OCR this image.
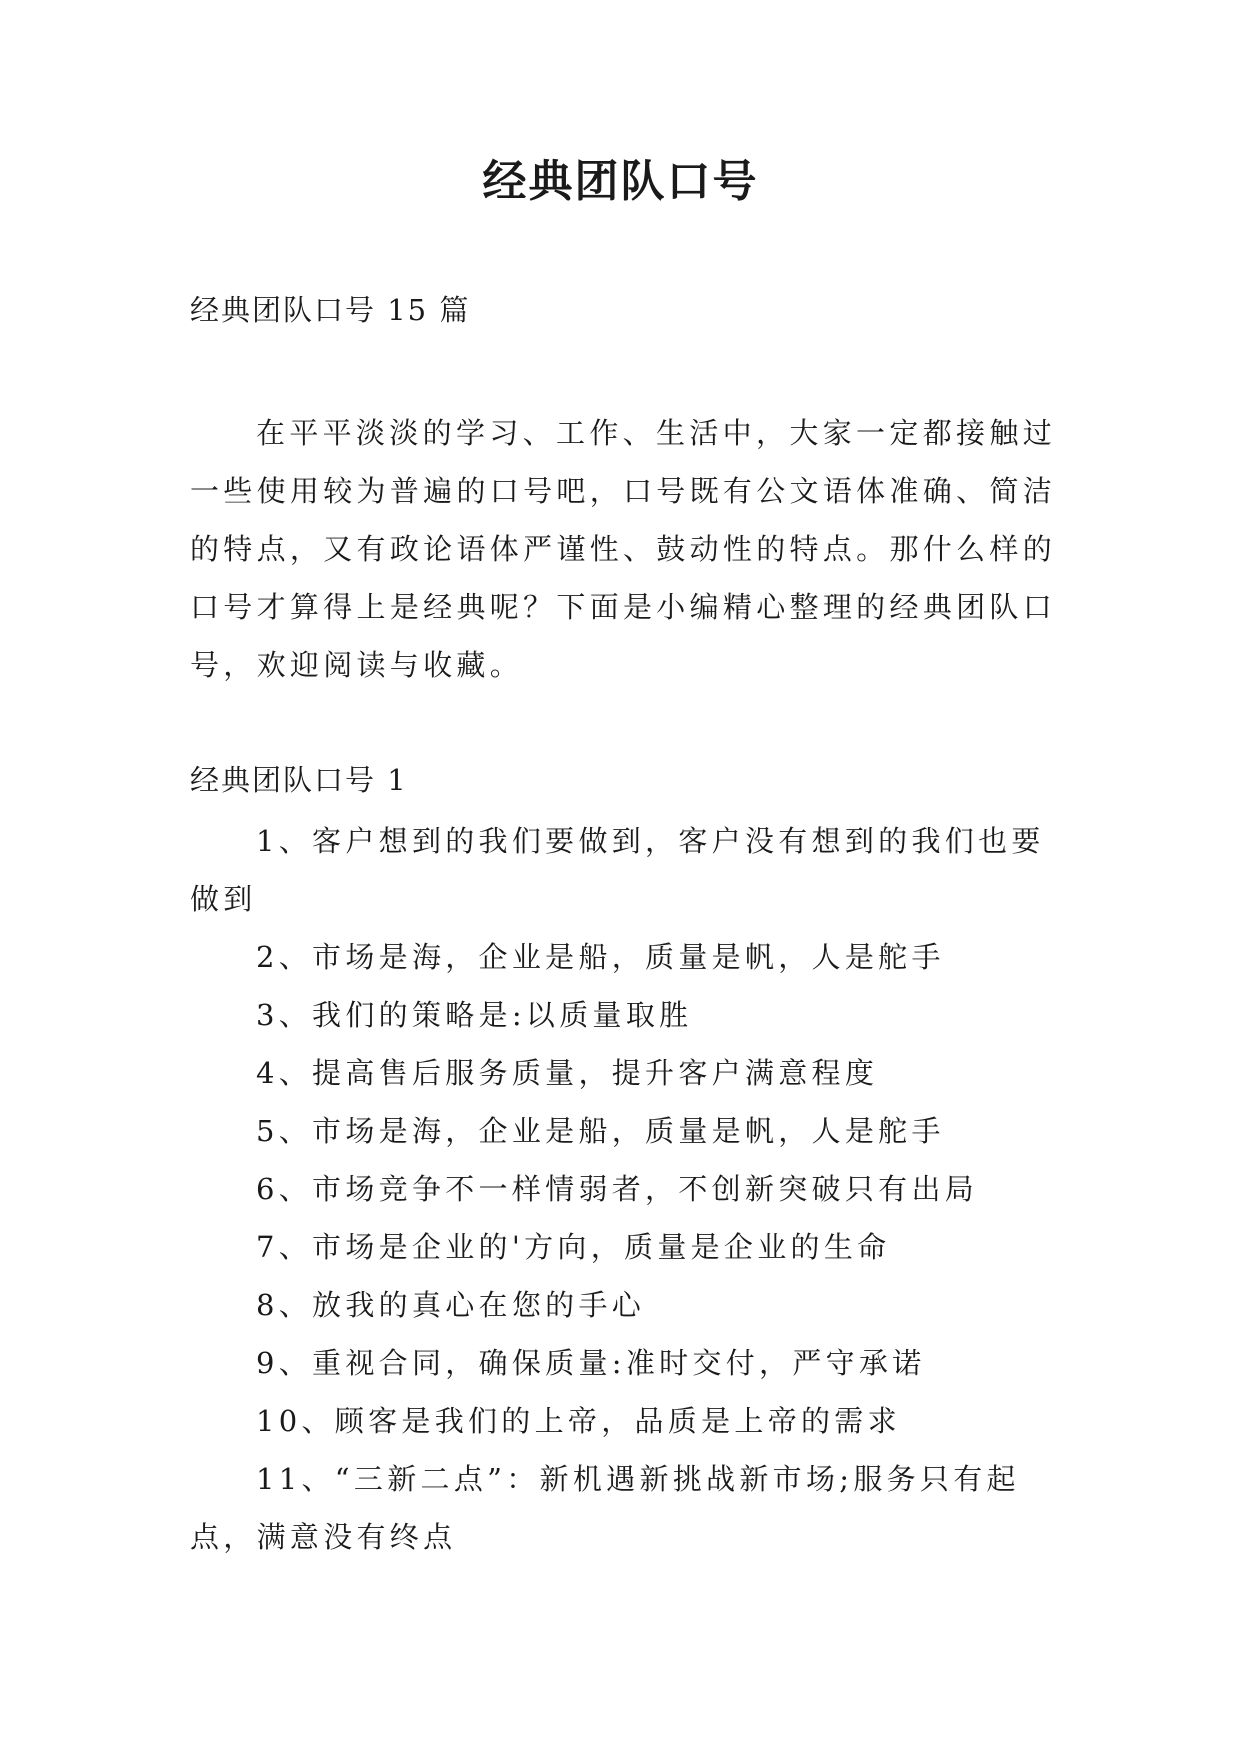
经典团队口号

经典团队口号 15 篇

在平平淡淡的学习、工作、生活中，大家一定都接触过一些使用较为普遍的口号吧，口号既有公文语体准确、简洁的特点，又有政论语体严谨性、鼓动性的特点。那什么样的口号才算得上是经典呢？下面是小编精心整理的经典团队口号，欢迎阅读与收藏。

经典团队口号 1

1、客户想到的我们要做到，客户没有想到的我们也要做到
2、市场是海，企业是船，质量是帆，人是舵手
3、我们的策略是:以质量取胜
4、提高售后服务质量，提升客户满意程度
5、市场是海，企业是船，质量是帆，人是舵手
6、市场竞争不一样情弱者，不创新突破只有出局
7、市场是企业的'方向，质量是企业的生命
8、放我的真心在您的手心
9、重视合同，确保质量:准时交付，严守承诺
10、顾客是我们的上帝，品质是上帝的需求
11、“三新二点”：新机遇新挑战新市场;服务只有起点，满意没有终点
